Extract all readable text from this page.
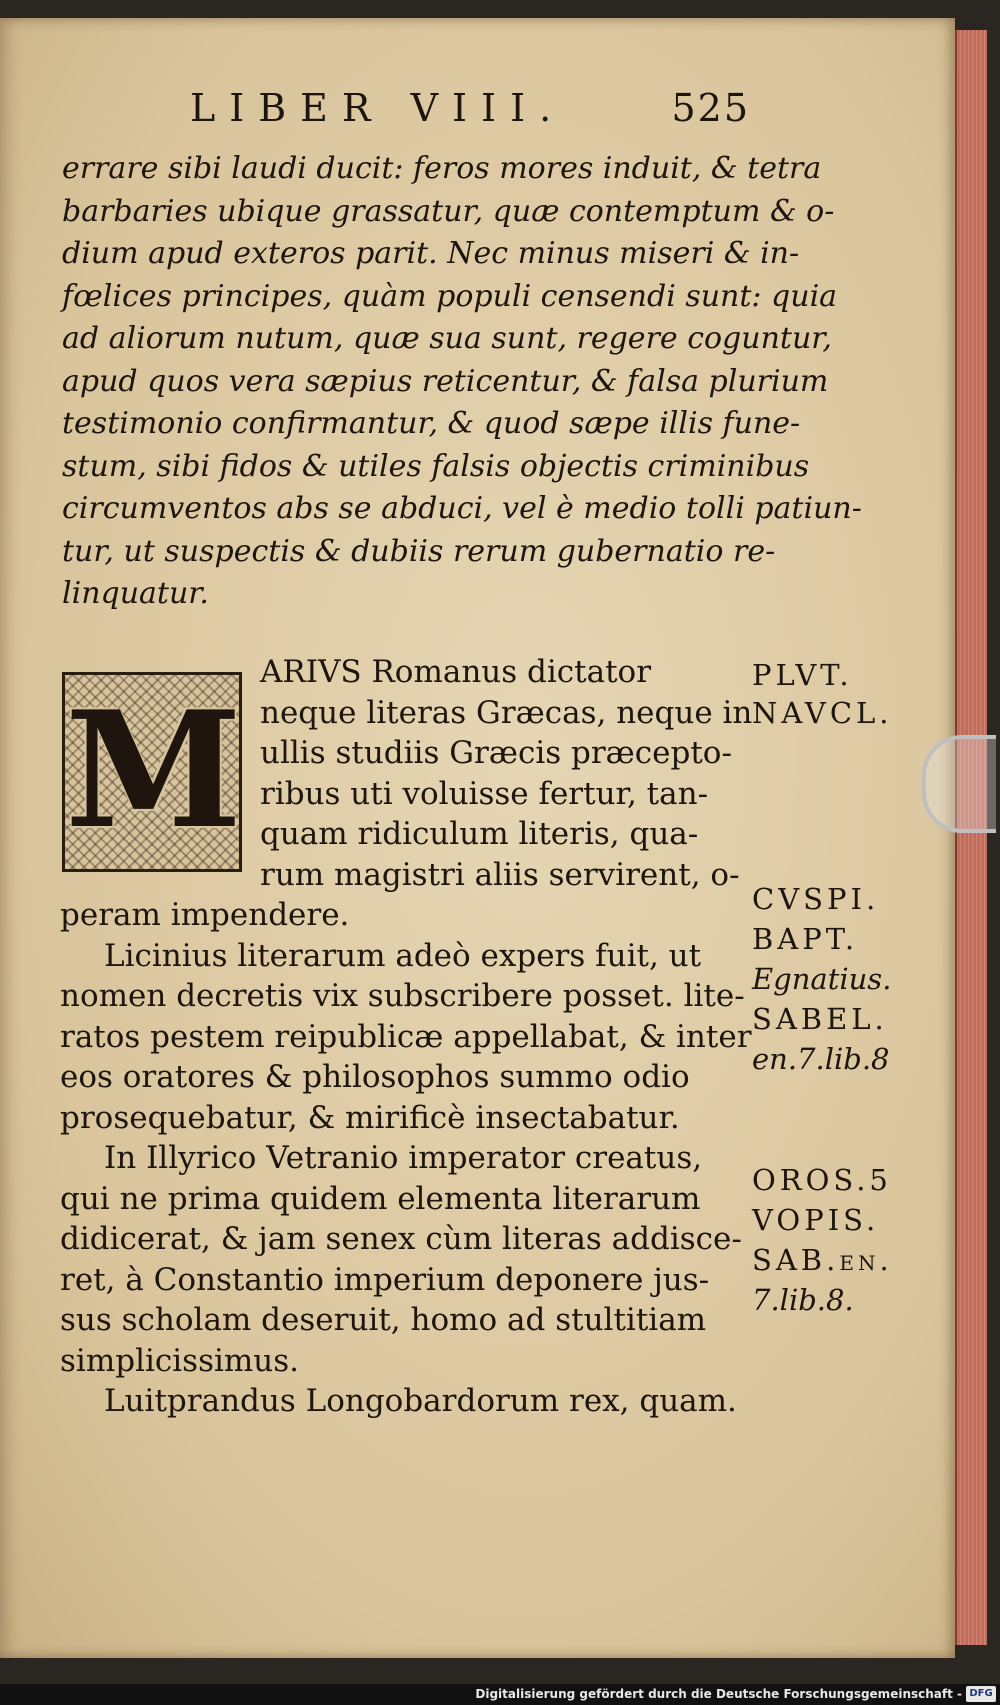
LIBER VIII.	525
errare sibi laudi ducit: feros mores induit, & tetra
barbaries ubique grassatur, quæ contemptum & o-
dium apud exteros parit. Nec minus miseri & in-
fœlices principes, quàm populi censendi sunt: quia
ad aliorum nutum, quæ sua sunt, regere coguntur,
apud quos vera sæpius reticentur, & falsa plurium
testimonio confirmantur, & quod sæpe illis fune-
stum, sibi fidos & utiles falsis objectis criminibus
circumventos abs se abduci, vel è medio tolli patiun-
tur, ut suspectis & dubiis rerum gubernatio re-
linquatur.
M
ARIVS Romanus dictator
neque literas Græcas, neque in
ullis studiis Græcis præcepto-
ribus uti voluisse fertur, tan-
quam ridiculum literis, qua-
rum magistri aliis servirent, o-
peram impendere.
Licinius literarum adeò expers fuit, ut
nomen decretis vix subscribere posset. lite-
ratos pestem reipublicæ appellabat, & inter
eos oratores & philosophos summo odio
prosequebatur, & mirificè insectabatur.
In Illyrico Vetranio imperator creatus,
qui ne prima quidem elementa literarum
didicerat, & jam senex cùm literas addisce-
ret, à Constantio imperium deponere jus-
sus scholam deseruit, homo ad stultitiam
simplicissimus.
Luitprandus Longobardorum rex, quam.
PLVT.
NAVCL.
CVSPI.
BAPT.
Egnatius.
SABEL.
en.7.lib.8
OROS.5
VOPIS.
SAB.en.
7.lib.8.
Digitalisierung gefördert durch die Deutsche Forschungsgemeinschaft - DFG
